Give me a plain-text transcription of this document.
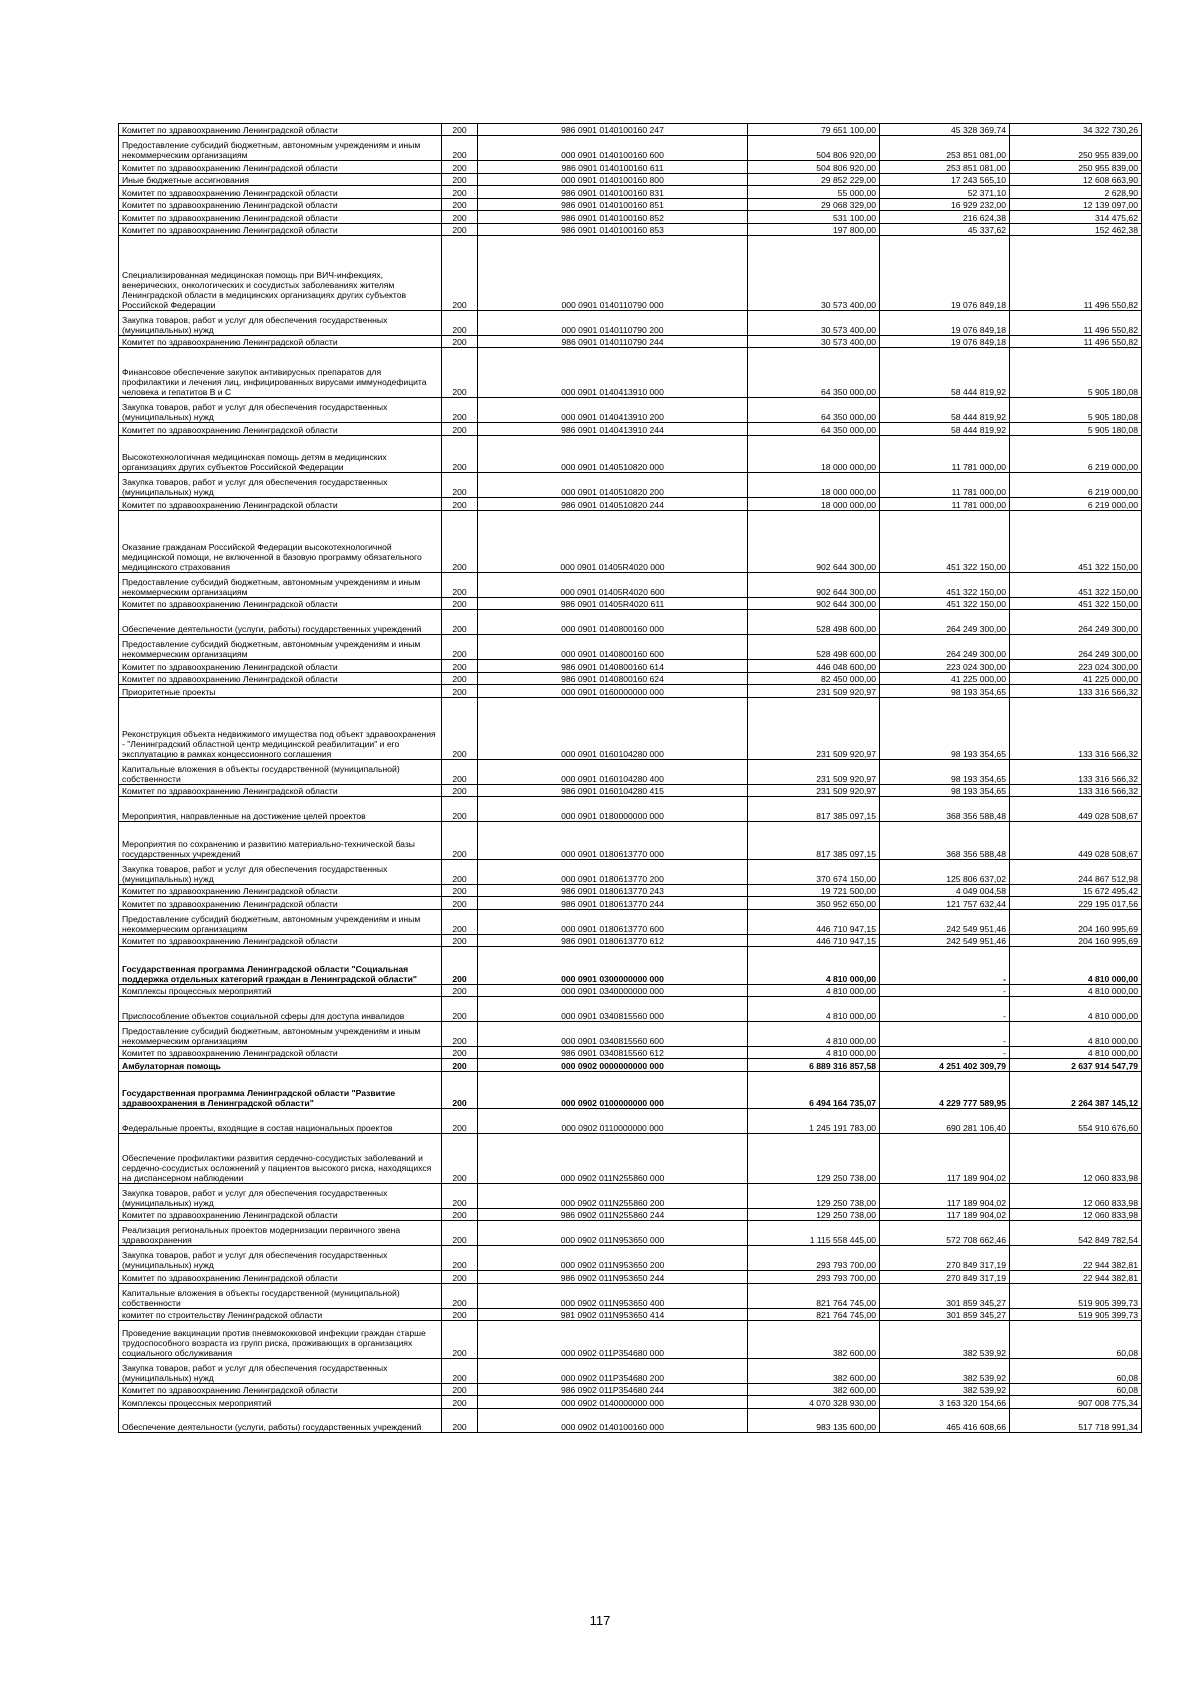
Комитет по здравоохранению Ленинградской области	200	986 0901 0140100160 247	79 651 100,00	45 328 369,74	34 322 730,26
Предоставление субсидий бюджетным, автономным учреждениям и иным некоммерческим организациям	200	000 0901 0140100160 600	504 806 920,00	253 851 081,00	250 955 839,00
Комитет по здравоохранению Ленинградской области	200	986 0901 0140100160 611	504 806 920,00	253 851 081,00	250 955 839,00
Иные бюджетные ассигнования	200	000 0901 0140100160 800	29 852 229,00	17 243 565,10	12 608 663,90
Комитет по здравоохранению Ленинградской области	200	986 0901 0140100160 831	55 000,00	52 371,10	2 628,90
Комитет по здравоохранению Ленинградской области	200	986 0901 0140100160 851	29 068 329,00	16 929 232,00	12 139 097,00
Комитет по здравоохранению Ленинградской области	200	986 0901 0140100160 852	531 100,00	216 624,38	314 475,62
Комитет по здравоохранению Ленинградской области	200	986 0901 0140100160 853	197 800,00	45 337,62	152 462,38
Специализированная медицинская помощь при ВИЧ-инфекциях, венерических, онкологических и сосудистых заболеваниях жителям Ленинградской области в медицинских организациях других субъектов Российской Федерации	200	000 0901 0140110790 000	30 573 400,00	19 076 849,18	11 496 550,82
Закупка товаров, работ и услуг для обеспечения государственных (муниципальных) нужд	200	000 0901 0140110790 200	30 573 400,00	19 076 849,18	11 496 550,82
Комитет по здравоохранению Ленинградской области	200	986 0901 0140110790 244	30 573 400,00	19 076 849,18	11 496 550,82
Финансовое обеспечение закупок антивирусных препаратов для профилактики и лечения лиц, инфицированных вирусами иммунодефицита человека и гепатитов В и С	200	000 0901 0140413910 000	64 350 000,00	58 444 819,92	5 905 180,08
Закупка товаров, работ и услуг для обеспечения государственных (муниципальных) нужд	200	000 0901 0140413910 200	64 350 000,00	58 444 819,92	5 905 180,08
Комитет по здравоохранению Ленинградской области	200	986 0901 0140413910 244	64 350 000,00	58 444 819,92	5 905 180,08
Высокотехнологичная медицинская помощь детям в медицинских организациях других субъектов Российской Федерации	200	000 0901 0140510820 000	18 000 000,00	11 781 000,00	6 219 000,00
Закупка товаров, работ и услуг для обеспечения государственных (муниципальных) нужд	200	000 0901 0140510820 200	18 000 000,00	11 781 000,00	6 219 000,00
Комитет по здравоохранению Ленинградской области	200	986 0901 0140510820 244	18 000 000,00	11 781 000,00	6 219 000,00
Оказание гражданам Российской Федерации высокотехнологичной медицинской помощи, не включенной в базовую программу обязательного медицинского страхования	200	000 0901 01405R4020 000	902 644 300,00	451 322 150,00	451 322 150,00
Предоставление субсидий бюджетным, автономным учреждениям и иным некоммерческим организациям	200	000 0901 01405R4020 600	902 644 300,00	451 322 150,00	451 322 150,00
Комитет по здравоохранению Ленинградской области	200	986 0901 01405R4020 611	902 644 300,00	451 322 150,00	451 322 150,00
Обеспечение деятельности (услуги, работы) государственных учреждений	200	000 0901 0140800160 000	528 498 600,00	264 249 300,00	264 249 300,00
Предоставление субсидий бюджетным, автономным учреждениям и иным некоммерческим организациям	200	000 0901 0140800160 600	528 498 600,00	264 249 300,00	264 249 300,00
Комитет по здравоохранению Ленинградской области	200	986 0901 0140800160 614	446 048 600,00	223 024 300,00	223 024 300,00
Комитет по здравоохранению Ленинградской области	200	986 0901 0140800160 624	82 450 000,00	41 225 000,00	41 225 000,00
Приоритетные проекты	200	000 0901 0160000000 000	231 509 920,97	98 193 354,65	133 316 566,32
Реконструкция объекта недвижимого имущества под объект здравоохранения - "Ленинградский областной центр медицинской реабилитации" и его эксплуатацию в рамках концессионного соглашения	200	000 0901 0160104280 000	231 509 920,97	98 193 354,65	133 316 566,32
Капитальные вложения в объекты государственной (муниципальной) собственности	200	000 0901 0160104280 400	231 509 920,97	98 193 354,65	133 316 566,32
Комитет по здравоохранению Ленинградской области	200	986 0901 0160104280 415	231 509 920,97	98 193 354,65	133 316 566,32
Мероприятия, направленные на достижение целей проектов	200	000 0901 0180000000 000	817 385 097,15	368 356 588,48	449 028 508,67
Мероприятия по сохранению и развитию материально-технической базы государственных учреждений	200	000 0901 0180613770 000	817 385 097,15	368 356 588,48	449 028 508,67
Закупка товаров, работ и услуг для обеспечения государственных (муниципальных) нужд	200	000 0901 0180613770 200	370 674 150,00	125 806 637,02	244 867 512,98
Комитет по здравоохранению Ленинградской области	200	986 0901 0180613770 243	19 721 500,00	4 049 004,58	15 672 495,42
Комитет по здравоохранению Ленинградской области	200	986 0901 0180613770 244	350 952 650,00	121 757 632,44	229 195 017,56
Предоставление субсидий бюджетным, автономным учреждениям и иным некоммерческим организациям	200	000 0901 0180613770 600	446 710 947,15	242 549 951,46	204 160 995,69
Комитет по здравоохранению Ленинградской области	200	986 0901 0180613770 612	446 710 947,15	242 549 951,46	204 160 995,69
Государственная программа Ленинградской области "Социальная поддержка отдельных категорий граждан в Ленинградской области"	200	000 0901 0300000000 000	4 810 000,00	-	4 810 000,00
Комплексы процессных мероприятий	200	000 0901 0340000000 000	4 810 000,00	-	4 810 000,00
Приспособление объектов социальной сферы для доступа инвалидов	200	000 0901 0340815560 000	4 810 000,00	-	4 810 000,00
Предоставление субсидий бюджетным, автономным учреждениям и иным некоммерческим организациям	200	000 0901 0340815560 600	4 810 000,00	-	4 810 000,00
Комитет по здравоохранению Ленинградской области	200	986 0901 0340815560 612	4 810 000,00	-	4 810 000,00
Амбулаторная помощь	200	000 0902 0000000000 000	6 889 316 857,58	4 251 402 309,79	2 637 914 547,79
Государственная программа Ленинградской области "Развитие здравоохранения в Ленинградской области"	200	000 0902 0100000000 000	6 494 164 735,07	4 229 777 589,95	2 264 387 145,12
Федеральные проекты, входящие в состав национальных проектов	200	000 0902 0110000000 000	1 245 191 783,00	690 281 106,40	554 910 676,60
Обеспечение профилактики развития сердечно-сосудистых заболеваний и сердечно-сосудистых осложнений у пациентов высокого риска, находящихся на диспансерном наблюдении	200	000 0902 011N255860 000	129 250 738,00	117 189 904,02	12 060 833,98
Закупка товаров, работ и услуг для обеспечения государственных (муниципальных) нужд	200	000 0902 011N255860 200	129 250 738,00	117 189 904,02	12 060 833,98
Комитет по здравоохранению Ленинградской области	200	986 0902 011N255860 244	129 250 738,00	117 189 904,02	12 060 833,98
Реализация региональных проектов модернизации первичного звена здравоохранения	200	000 0902 011N953650 000	1 115 558 445,00	572 708 662,46	542 849 782,54
Закупка товаров, работ и услуг для обеспечения государственных (муниципальных) нужд	200	000 0902 011N953650 200	293 793 700,00	270 849 317,19	22 944 382,81
Комитет по здравоохранению Ленинградской области	200	986 0902 011N953650 244	293 793 700,00	270 849 317,19	22 944 382,81
Капитальные вложения в объекты государственной (муниципальной) собственности	200	000 0902 011N953650 400	821 764 745,00	301 859 345,27	519 905 399,73
комитет по строительству Ленинградской области	200	981 0902 011N953650 414	821 764 745,00	301 859 345,27	519 905 399,73
Проведение вакцинации против пневмококковой инфекции граждан старше трудоспособного возраста из групп риска, проживающих в организациях социального обслуживания	200	000 0902 011P354680 000	382 600,00	382 539,92	60,08
Закупка товаров, работ и услуг для обеспечения государственных (муниципальных) нужд	200	000 0902 011P354680 200	382 600,00	382 539,92	60,08
Комитет по здравоохранению Ленинградской области	200	986 0902 011P354680 244	382 600,00	382 539,92	60,08
Комплексы процессных мероприятий	200	000 0902 0140000000 000	4 070 328 930,00	3 163 320 154,66	907 008 775,34
Обеспечение деятельности (услуги, работы) государственных учреждений	200	000 0902 0140100160 000	983 135 600,00	465 416 608,66	517 718 991,34
117
